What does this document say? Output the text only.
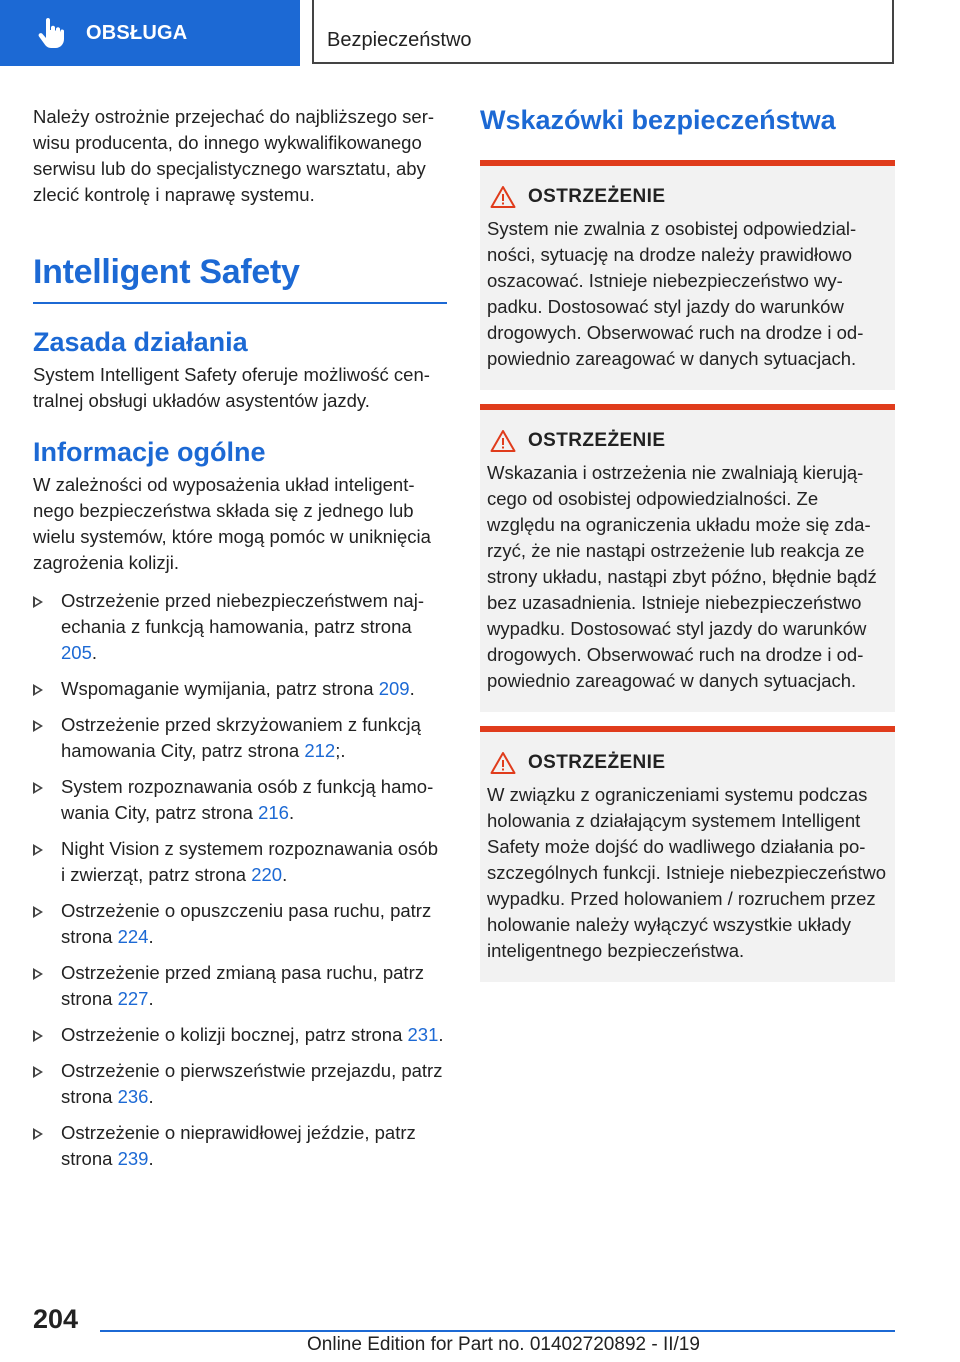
OBSŁUGA	Bezpieczeństwo

Należy ostrożnie przejechać do najbliższego serwisu producenta, do innego wykwalifikowanego serwisu lub do specjalistycznego warsztatu, aby zlecić kontrolę i naprawę systemu.

Intelligent Safety
Zasada działania

System Intelligent Safety oferuje możliwość centralnej obsługi układów asystentów jazdy.

Informacje ogólne

W zależności od wyposażenia układ inteligentnego bezpieczeństwa składa się z jednego lub wielu systemów, które mogą pomóc w uniknięcia zagrożenia kolizji.

Ostrzeżenie przed niebezpieczeństwem najechania z funkcją hamowania, patrz strona 205.
Wspomaganie wymijania, patrz strona 209.
Ostrzeżenie przed skrzyżowaniem z funkcją hamowania City, patrz strona 212;.
System rozpoznawania osób z funkcją hamowania City, patrz strona 216.
Night Vision z systemem rozpoznawania osób i zwierząt, patrz strona 220.
Ostrzeżenie o opuszczeniu pasa ruchu, patrz strona 224.
Ostrzeżenie przed zmianą pasa ruchu, patrz strona 227.
Ostrzeżenie o kolizji bocznej, patrz strona 231.
Ostrzeżenie o pierwszeństwie przejazdu, patrz strona 236.
Ostrzeżenie o nieprawidłowej jeździe, patrz strona 239.
Wskazówki bezpieczeństwa
OSTRZEŻENIE

System nie zwalnia z osobistej odpowiedzialności, sytuację na drodze należy prawidłowo oszacować. Istnieje niebezpieczeństwo wypadku. Dostosować styl jazdy do warunków drogowych. Obserwować ruch na drodze i odpowiednio zareagować w danych sytuacjach.

OSTRZEŻENIE

Wskazania i ostrzeżenia nie zwalniają kierującego od osobistej odpowiedzialności. Ze względu na ograniczenia układu może się zdarzyć, że nie nastąpi ostrzeżenie lub reakcja ze strony układu, nastąpi zbyt późno, błędnie bądź bez uzasadnienia. Istnieje niebezpieczeństwo wypadku. Dostosować styl jazdy do warunków drogowych. Obserwować ruch na drodze i odpowiednio zareagować w danych sytuacjach.

OSTRZEŻENIE

W związku z ograniczeniami systemu podczas holowania z działającym systemem Intelligent Safety może dojść do wadliwego działania poszczególnych funkcji. Istnieje niebezpieczeństwo wypadku. Przed holowaniem / rozruchem przez holowanie należy wyłączyć wszystkie układy inteligentnego bezpieczeństwa.

204
Online Edition for Part no. 01402720892 - II/19
